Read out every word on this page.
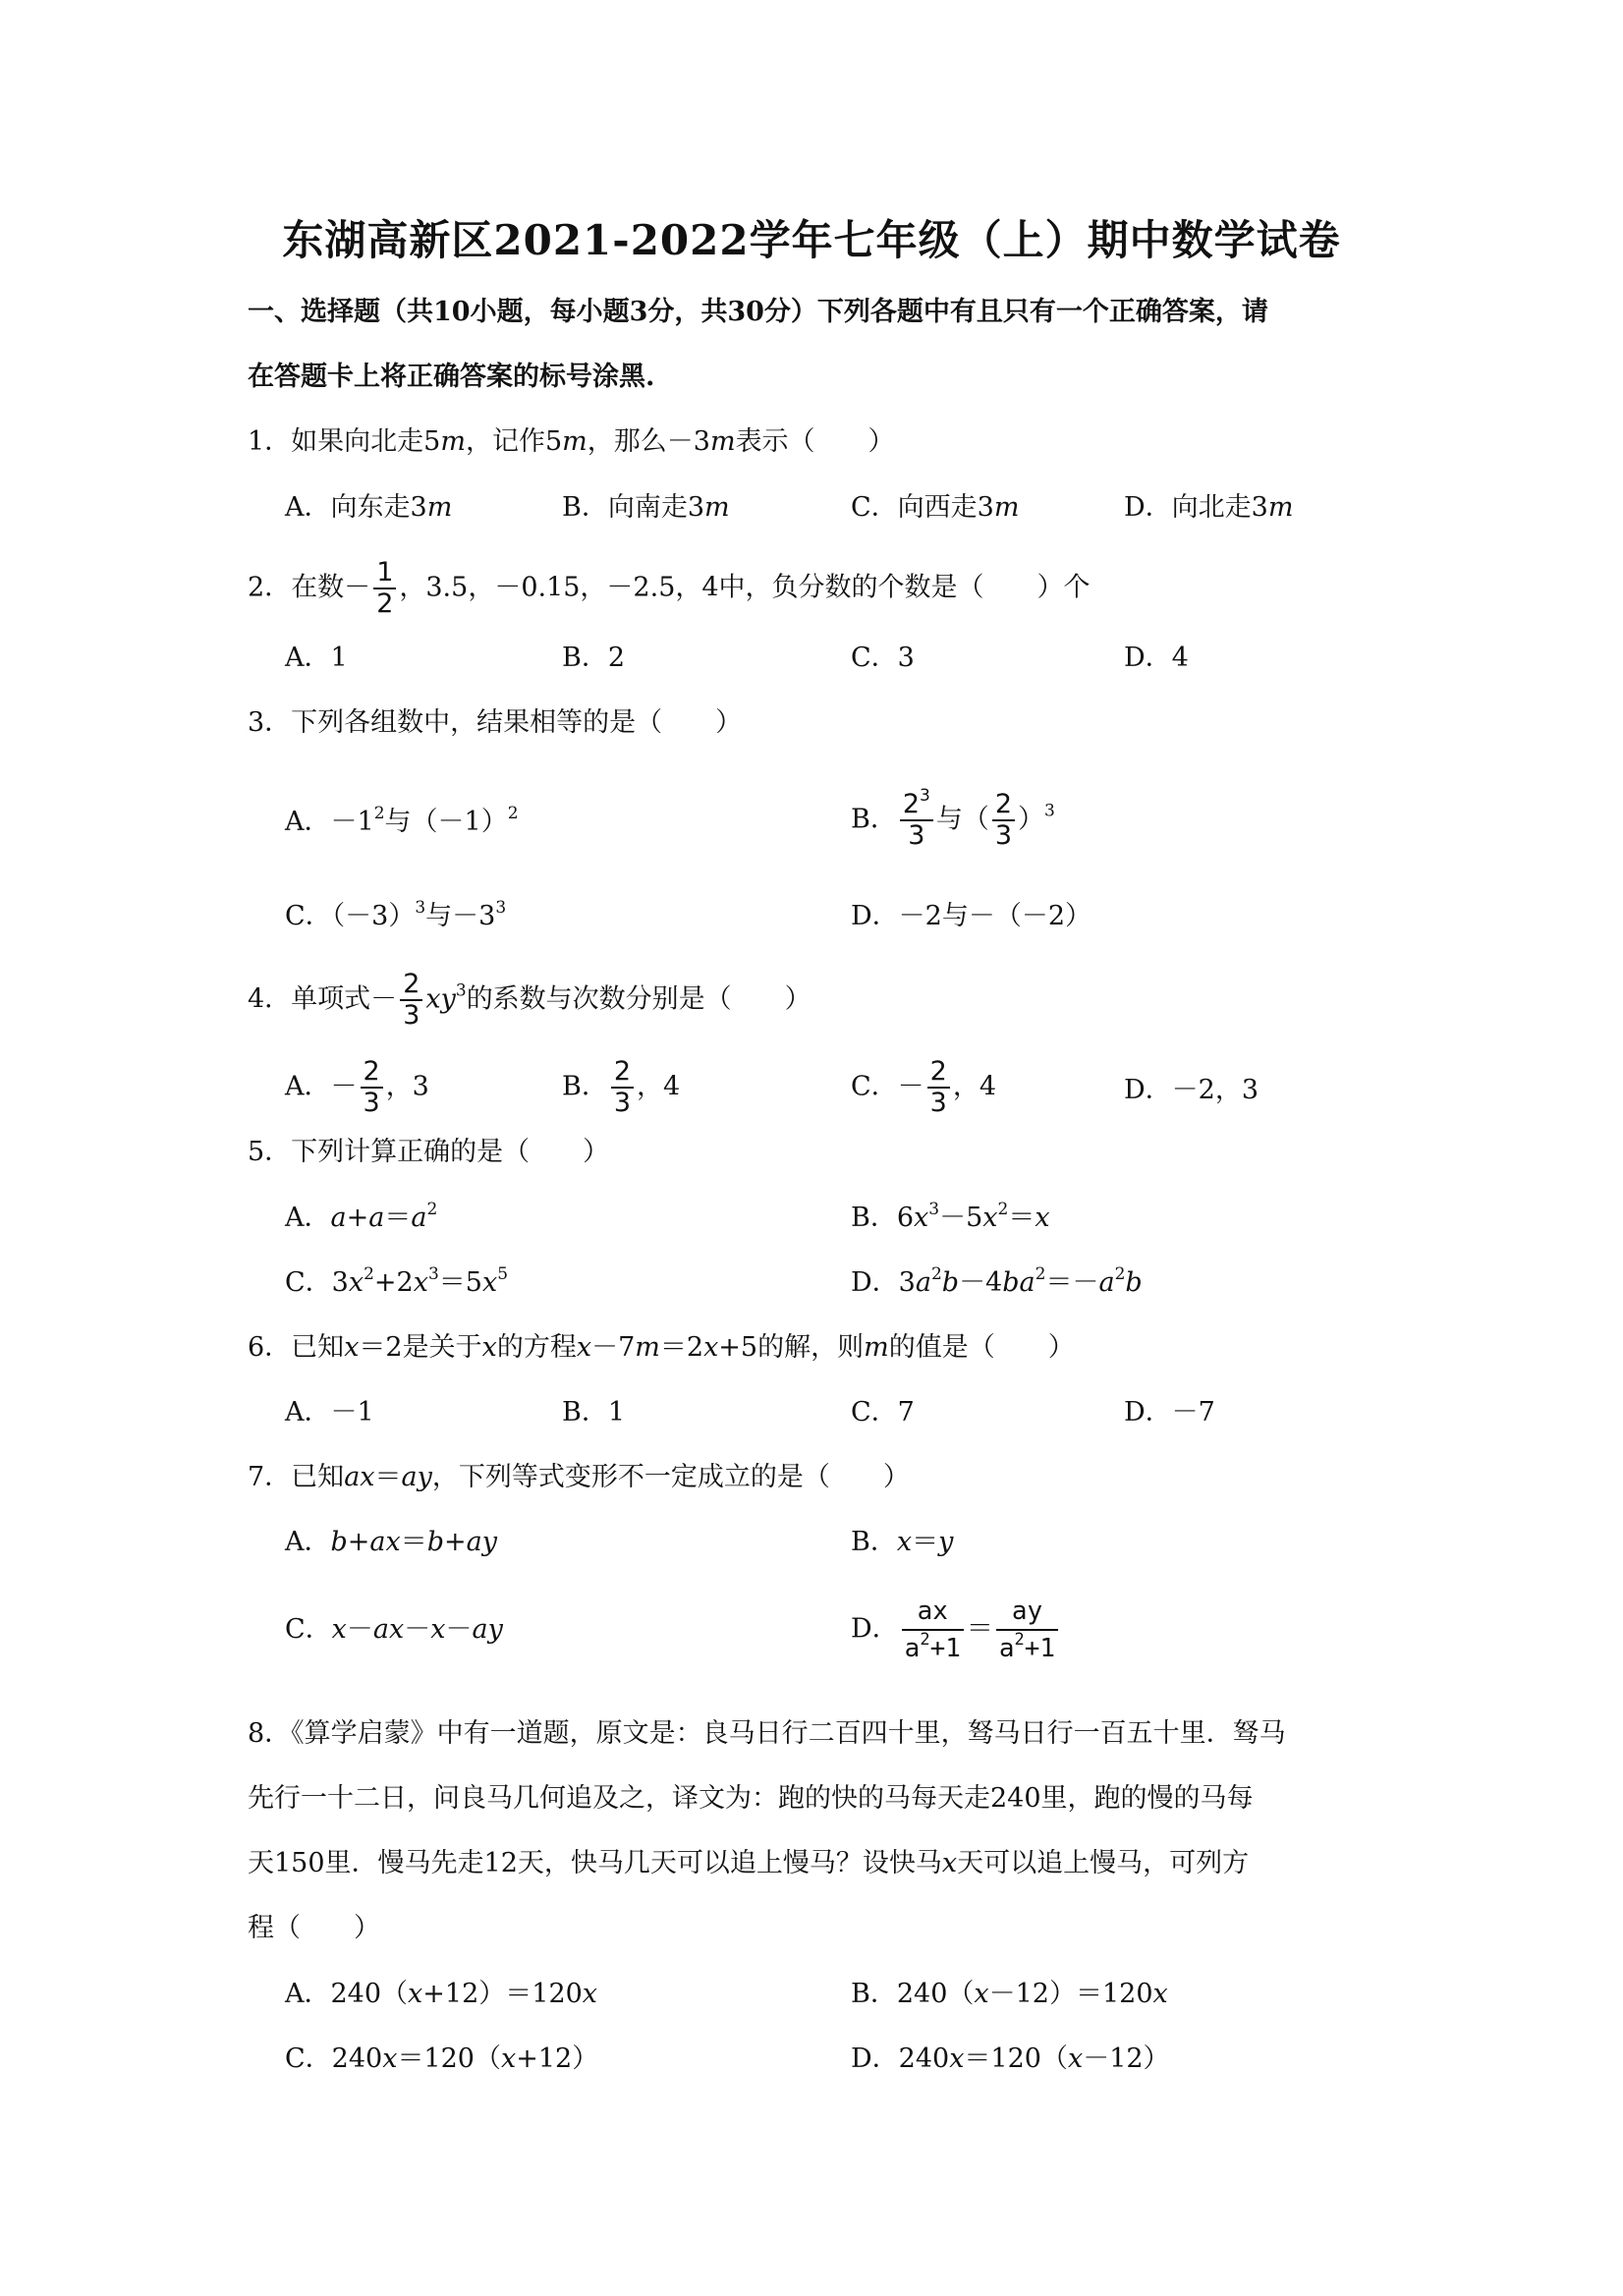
东湖高新区2021-2022学年七年级（上）期中数学试卷
一、选择题（共10小题，每小题3分，共30分）下列各题中有且只有一个正确答案，请
在答题卡上将正确答案的标号涂黑.
1．如果向北走5m，记作5m，那么－3m表示（　　）
A．向东走3m	B．向南走3m	C．向西走3m	D．向北走3m
2．在数－ $\frac{1}{2}$ ，3.5，－0.15，－2.5，4中，负分数的个数是（　　）个
A．1	B．2	C．3	D．4
3．下列各组数中，结果相等的是（　　）
A．$-1^2$与$(-1)^2$	B． $\frac{2^3}{3}$ 与（ $\frac{2}{3} )^3$
C．$(-3)^3$与$-3^3$	D．－2与－（－2）
4．单项式－ $\frac{2}{3} xy^3$的系数与次数分别是（　　）
A．－ $\frac{2}{3}$ ，3	B． $\frac{2}{3}$ ，4	C．－ $\frac{2}{3}$ ，4	D．－2，3
5．下列计算正确的是（　　）
A．$a+a=a^2$	B．$6x^3-5x^2=x$
C．$3x^2+2x^3=5x^5$	D．$3a^2b-4ba^2=-a^2b$
6．已知x＝2是关于x的方程x－7m＝2x+5的解，则m的值是（　　）
A．－1	B．1	C．7	D．－7
7．已知ax＝ay，下列等式变形不一定成立的是（　　）
A．b+ax＝b+ay	B．x＝y
C．x－ax－x－ay	D． $\frac{ax}{a^2+1} = \frac{ay}{a^2+1}$
8．《算学启蒙》中有一道题，原文是：良马日行二百四十里，驽马日行一百五十里．驽马
先行一十二日，问良马几何追及之，译文为：跑的快的马每天走240里，跑的慢的马每
天150里．慢马先走12天，快马几天可以追上慢马？设快马x天可以追上慢马，可列方
程（　　）
A．240（x+12）＝120x	B．240（x－12）＝120x
C．240x＝120（x+12）	D．240x＝120（x－12）
